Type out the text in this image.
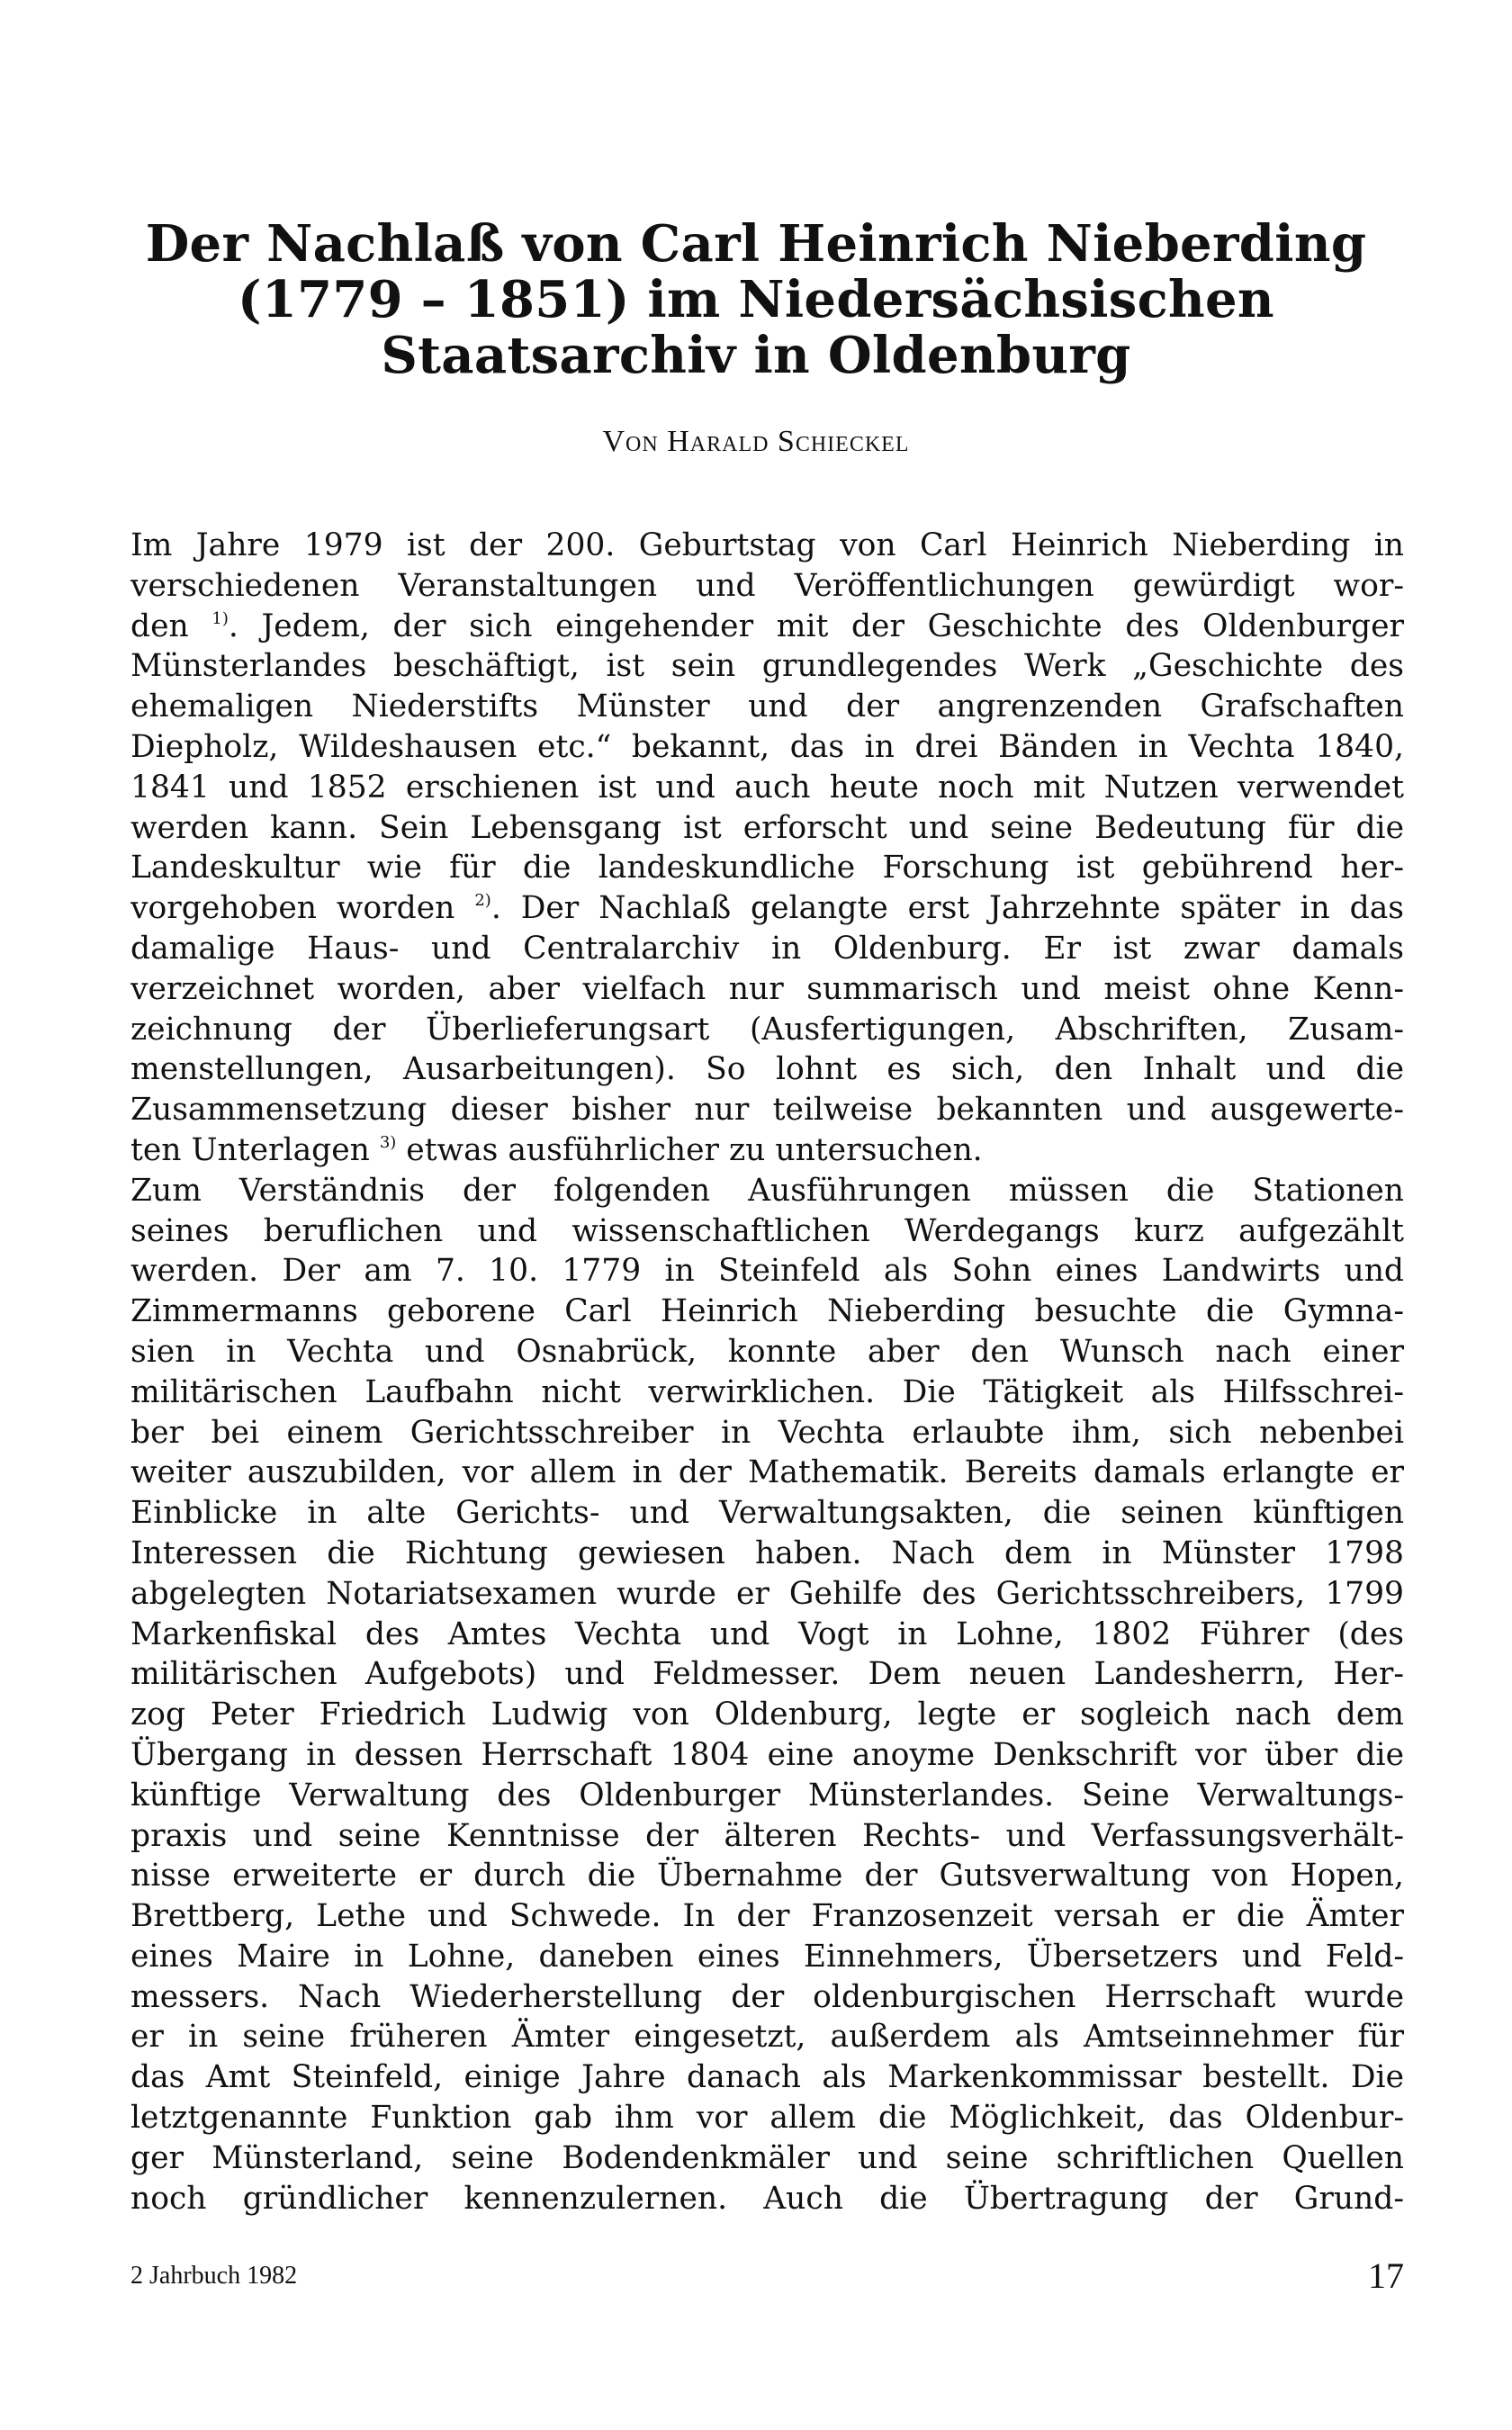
Der Nachlaß von Carl Heinrich Nieberding
(1779 – 1851) im Niedersächsischen
Staatsarchiv in Oldenburg

Von Harald Schieckel

Im Jahre 1979 ist der 200. Geburtstag von Carl Heinrich Nieberding in
verschiedenen Veranstaltungen und Veröffentlichungen gewürdigt wor-
den $^{1)}$. Jedem, der sich eingehender mit der Geschichte des Oldenburger
Münsterlandes beschäftigt, ist sein grundlegendes Werk „Geschichte des
ehemaligen Niederstifts Münster und der angrenzenden Grafschaften
Diepholz, Wildeshausen etc.“ bekannt, das in drei Bänden in Vechta 1840,
1841 und 1852 erschienen ist und auch heute noch mit Nutzen verwendet
werden kann. Sein Lebensgang ist erforscht und seine Bedeutung für die
Landeskultur wie für die landeskundliche Forschung ist gebührend her-
vorgehoben worden $^{2)}$. Der Nachlaß gelangte erst Jahrzehnte später in das
damalige Haus- und Centralarchiv in Oldenburg. Er ist zwar damals
verzeichnet worden, aber vielfach nur summarisch und meist ohne Kenn-
zeichnung der Überlieferungsart (Ausfertigungen, Abschriften, Zusam-
menstellungen, Ausarbeitungen). So lohnt es sich, den Inhalt und die
Zusammensetzung dieser bisher nur teilweise bekannten und ausgewerte-
ten Unterlagen $^{3)}$ etwas ausführlicher zu untersuchen.
Zum Verständnis der folgenden Ausführungen müssen die Stationen
seines beruflichen und wissenschaftlichen Werdegangs kurz aufgezählt
werden. Der am 7. 10. 1779 in Steinfeld als Sohn eines Landwirts und
Zimmermanns geborene Carl Heinrich Nieberding besuchte die Gymna-
sien in Vechta und Osnabrück, konnte aber den Wunsch nach einer
militärischen Laufbahn nicht verwirklichen. Die Tätigkeit als Hilfsschrei-
ber bei einem Gerichtsschreiber in Vechta erlaubte ihm, sich nebenbei
weiter auszubilden, vor allem in der Mathematik. Bereits damals erlangte er
Einblicke in alte Gerichts- und Verwaltungsakten, die seinen künftigen
Interessen die Richtung gewiesen haben. Nach dem in Münster 1798
abgelegten Notariatsexamen wurde er Gehilfe des Gerichtsschreibers, 1799
Markenfiskal des Amtes Vechta und Vogt in Lohne, 1802 Führer (des
militärischen Aufgebots) und Feldmesser. Dem neuen Landesherrn, Her-
zog Peter Friedrich Ludwig von Oldenburg, legte er sogleich nach dem
Übergang in dessen Herrschaft 1804 eine anoyme Denkschrift vor über die
künftige Verwaltung des Oldenburger Münsterlandes. Seine Verwaltungs-
praxis und seine Kenntnisse der älteren Rechts- und Verfassungsverhält-
nisse erweiterte er durch die Übernahme der Gutsverwaltung von Hopen,
Brettberg, Lethe und Schwede. In der Franzosenzeit versah er die Ämter
eines Maire in Lohne, daneben eines Einnehmers, Übersetzers und Feld-
messers. Nach Wiederherstellung der oldenburgischen Herrschaft wurde
er in seine früheren Ämter eingesetzt, außerdem als Amtseinnehmer für
das Amt Steinfeld, einige Jahre danach als Markenkommissar bestellt. Die
letztgenannte Funktion gab ihm vor allem die Möglichkeit, das Oldenbur-
ger Münsterland, seine Bodendenkmäler und seine schriftlichen Quellen
noch gründlicher kennenzulernen. Auch die Übertragung der Grund-

2 Jahrbuch 1982	17
